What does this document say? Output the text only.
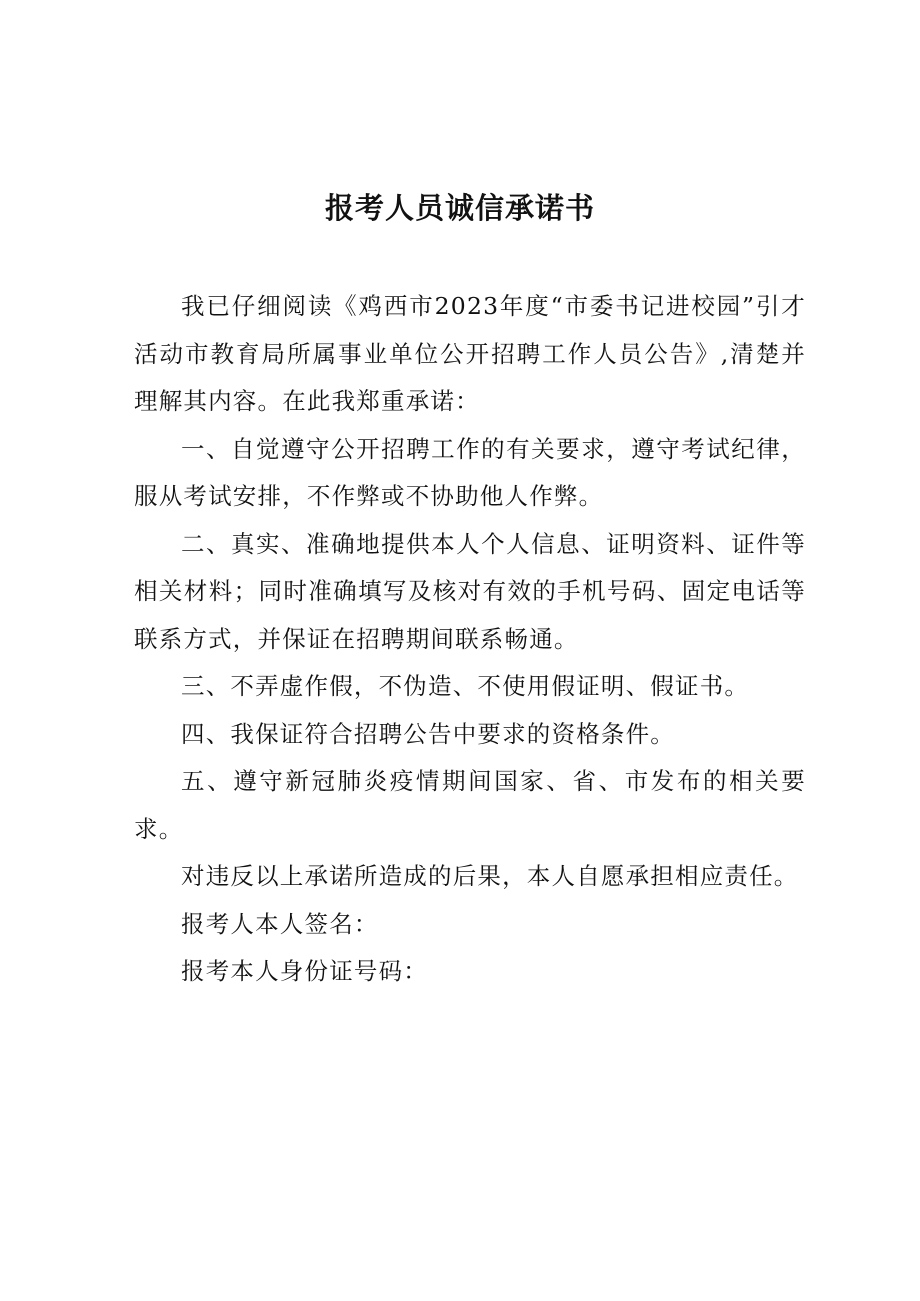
报考人员诚信承诺书

我已仔细阅读《鸡西市2023年度“市委书记进校园”引才活动市教育局所属事业单位公开招聘工作人员公告》,清楚并理解其内容。在此我郑重承诺：

一、自觉遵守公开招聘工作的有关要求，遵守考试纪律，服从考试安排，不作弊或不协助他人作弊。

二、真实、准确地提供本人个人信息、证明资料、证件等相关材料；同时准确填写及核对有效的手机号码、固定电话等联系方式，并保证在招聘期间联系畅通。

三、不弄虚作假，不伪造、不使用假证明、假证书。

四、我保证符合招聘公告中要求的资格条件。

五、遵守新冠肺炎疫情期间国家、省、市发布的相关要求。

对违反以上承诺所造成的后果，本人自愿承担相应责任。

报考人本人签名：

报考本人身份证号码：
